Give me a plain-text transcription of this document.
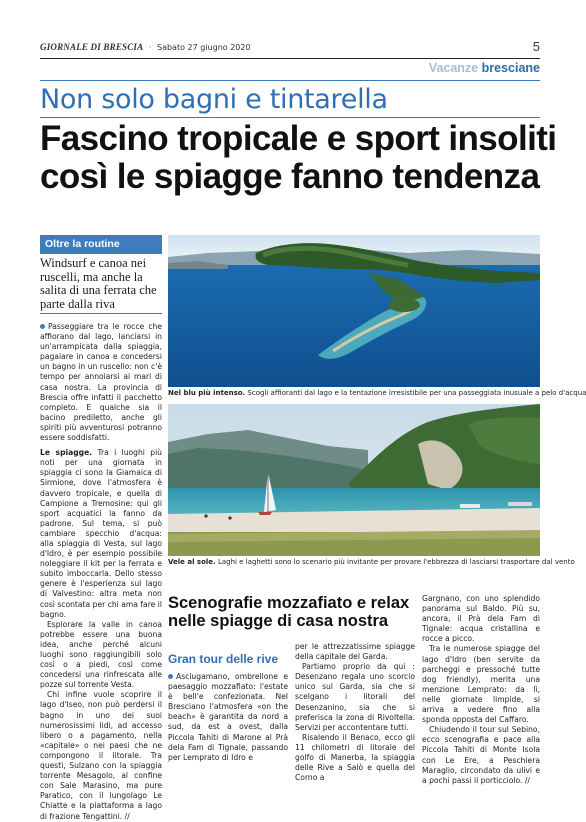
GIORNALE DI BRESCIA · Sabato 27 giugno 2020	5
Vacanze bresciane
Non solo bagni e tintarella
Fascino tropicale e sport insoliti
così le spiagge fanno tendenza
Oltre la routine
Windsurf e canoa nei ruscelli, ma anche la salita di una ferrata che parte dalla riva

Passeggiare tra le rocce che affiorano dal lago, lanciarsi in un'arrampicata dalla spiaggia, pagaiare in canoa e concedersi un bagno in un ruscello: non c'è tempo per annoiarsi ai mari di casa nostra. La provincia di Brescia offre infatti il pacchetto completo. E qualche sia il bacino prediletto, anche gli spiriti più avventurosi potranno essere soddisfatti.

Le spiagge. Tra i luoghi più noti per una giornata in spiaggia ci sono la Giamaica di Sirmione, dove l'atmosfera è davvero tropicale, e quella di Campione a Tremosine: qui gli sport acquatici la fanno da padrone. Sul tema, si può cambiare specchio d'acqua: alla spiaggia di Vesta, sul lago d'Idro, è per esempio possibile noleggiare il kit per la ferrata e subito imboccarla. Dello stesso genere è l'esperienza sul lago di Valvestino: altra meta non così scontata per chi ama fare il bagno.

Esplorare la valle in canoa potrebbe essere una buona idea, anche perché alcuni luoghi sono raggiungibili solo così o a piedi, così come concedersi una rinfrescata alle pozze sul torrente Vesta.

Chi infine vuole scoprire il lago d'Iseo, non può perdersi il bagno in uno dei suoi numerosissimi lidi, ad accesso libero o a pagamento, nella «capitale» o nei paesi che ne compongono il litorale. Tra questi, Sulzano con la spiaggia torrente Mesagolo, al confine con Sale Marasino, ma pure Paratico, con il lungolago Le Chiatte e la piattaforma a lago di frazione Tengattini. //

Nel blu più intenso. Scogli affioranti dal lago e la tentazione irresistibile per una passeggiata inusuale a pelo d'acqua
Vele al sole. Laghi e laghetti sono lo scenario più invitante per provare l'ebbrezza di lasciarsi trasportare dal vento
Scenografie mozzafiato e relax
nelle spiagge di casa nostra
Gran tour delle rive

Asciugamano, ombrellone e paesaggio mozzafiato: l'estate è bell'e confezionata. Nel Bresciano l'atmosfera «on the beach» è garantita da nord a sud, da est a ovest, dalla Piccola Tahiti di Marone al Prà dela Fam di Tignale, passando per Lemprato di Idro e

per le attrezzatissime spiagge della capitale del Garda.

Partiamo proprio da qui : Desenzano regala uno scorcio unico sul Garda, sia che si scelgano i litorali del Desenzanino, sia che si preferisca la zona di Rivoltella. Servizi per accontentare tutti.

Risalendo il Benaco, ecco gli 11 chilometri di litorale del golfo di Manerba, la spiaggia delle Rive a Salò e quella del Corno a

Gargnano, con uno splendido panorama sul Baldo. Più su, ancora, il Prà dela Fam di Tignale: acqua cristallina e rocce a picco.

Tra le numerose spiagge del lago d'Idro (ben servite da parcheggi e pressoché tutte dog friendly), merita una menzione Lemprato: da lì, nelle giornate limpide, si arriva a vedere fino alla sponda opposta del Caffaro.

Chiudendo il tour sul Sebino, ecco scenografia e pace alla Piccola Tahiti di Monte Isola con Le Ere, a Peschiera Maraglio, circondato da ulivi e a pochi passi il porticciolo. //
